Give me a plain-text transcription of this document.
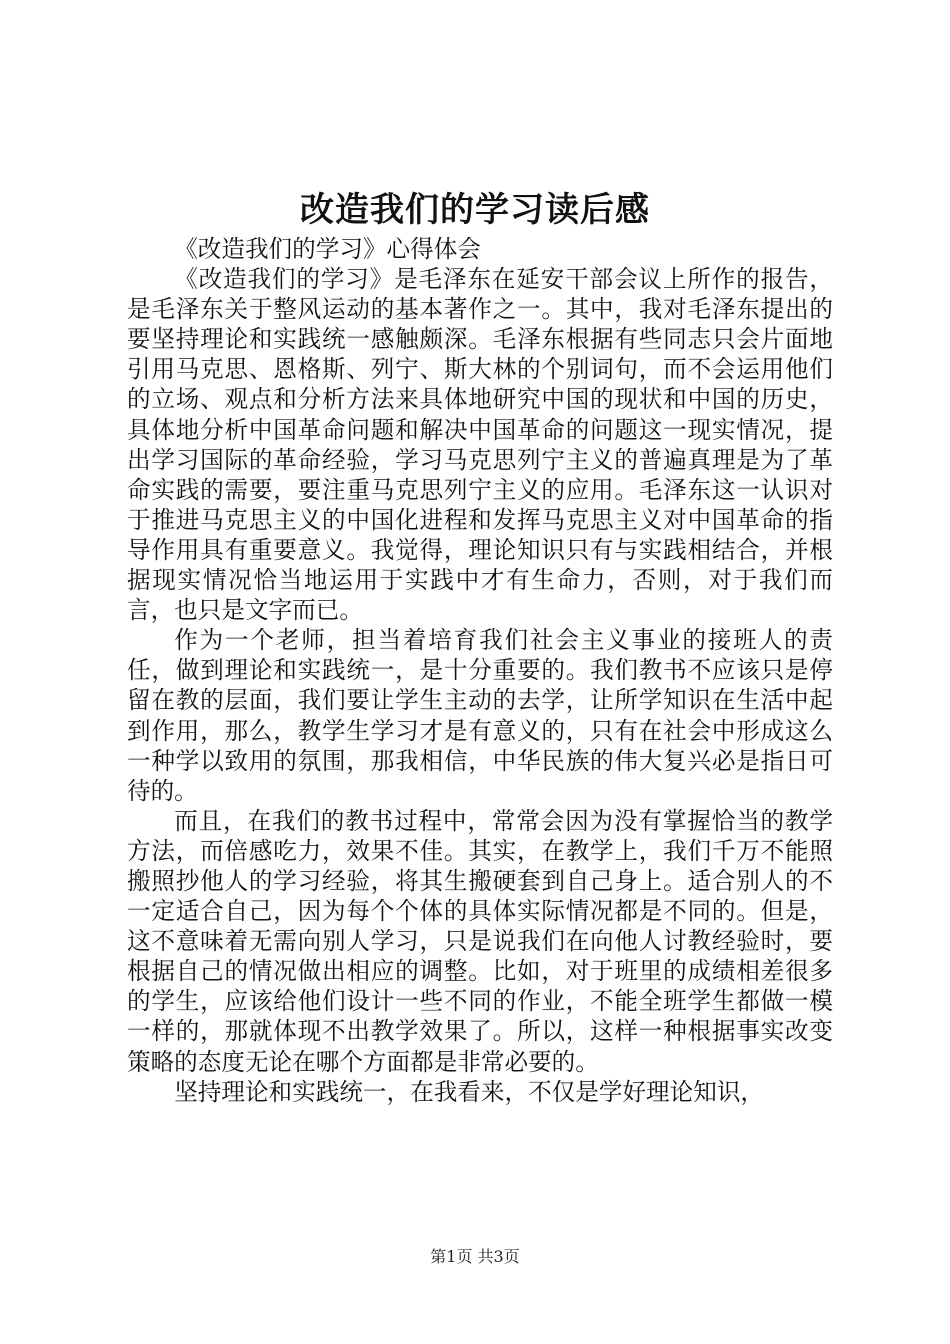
改造我们的学习读后感

《改造我们的学习》心得体会

《改造我们的学习》是毛泽东在延安干部会议上所作的报告，是毛泽东关于整风运动的基本著作之一。其中，我对毛泽东提出的要坚持理论和实践统一感触颇深。毛泽东根据有些同志只会片面地引用马克思、恩格斯、列宁、斯大林的个别词句，而不会运用他们的立场、观点和分析方法来具体地研究中国的现状和中国的历史，具体地分析中国革命问题和解决中国革命的问题这一现实情况，提出学习国际的革命经验，学习马克思列宁主义的普遍真理是为了革命实践的需要，要注重马克思列宁主义的应用。毛泽东这一认识对于推进马克思主义的中国化进程和发挥马克思主义对中国革命的指导作用具有重要意义。我觉得，理论知识只有与实践相结合，并根据现实情况恰当地运用于实践中才有生命力，否则，对于我们而言，也只是文字而已。

作为一个老师，担当着培育我们社会主义事业的接班人的责任，做到理论和实践统一，是十分重要的。我们教书不应该只是停留在教的层面，我们要让学生主动的去学，让所学知识在生活中起到作用，那么，教学生学习才是有意义的，只有在社会中形成这么一种学以致用的氛围，那我相信，中华民族的伟大复兴必是指日可待的。

而且，在我们的教书过程中，常常会因为没有掌握恰当的教学方法，而倍感吃力，效果不佳。其实，在教学上，我们千万不能照搬照抄他人的学习经验，将其生搬硬套到自己身上。适合别人的不一定适合自己，因为每个个体的具体实际情况都是不同的。但是，这不意味着无需向别人学习，只是说我们在向他人讨教经验时，要根据自己的情况做出相应的调整。比如，对于班里的成绩相差很多的学生，应该给他们设计一些不同的作业，不能全班学生都做一模一样的，那就体现不出教学效果了。所以，这样一种根据事实改变策略的态度无论在哪个方面都是非常必要的。

坚持理论和实践统一，在我看来，不仅是学好理论知识，

第1页 共3页
